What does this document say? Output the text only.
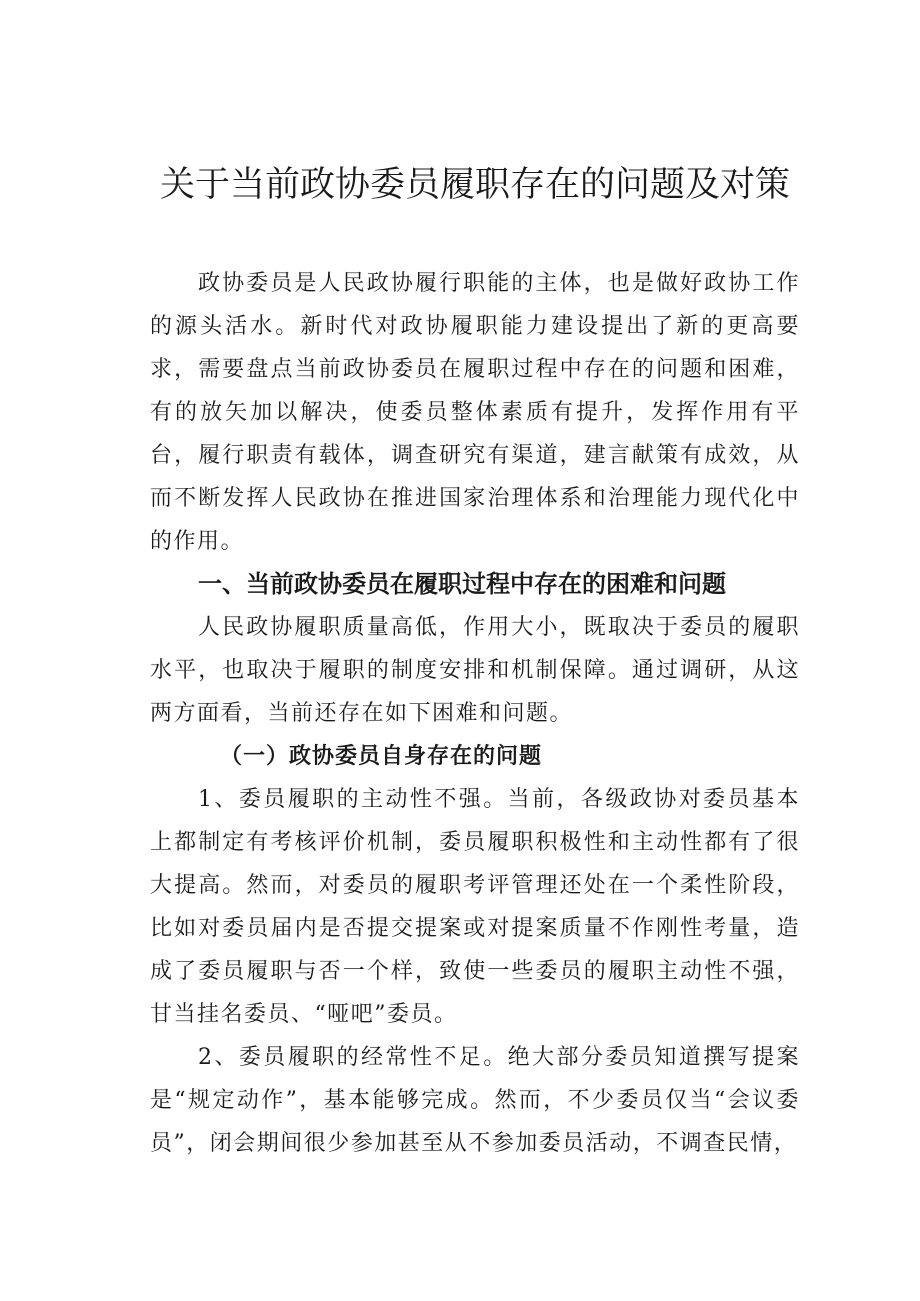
关于当前政协委员履职存在的问题及对策

政协委员是人民政协履行职能的主体，也是做好政协工作的源头活水。新时代对政协履职能力建设提出了新的更高要求，需要盘点当前政协委员在履职过程中存在的问题和困难，有的放矢加以解决，使委员整体素质有提升，发挥作用有平台，履行职责有载体，调查研究有渠道，建言献策有成效，从而不断发挥人民政协在推进国家治理体系和治理能力现代化中的作用。

一、当前政协委员在履职过程中存在的困难和问题

人民政协履职质量高低，作用大小，既取决于委员的履职水平，也取决于履职的制度安排和机制保障。通过调研，从这两方面看，当前还存在如下困难和问题。

（一）政协委员自身存在的问题

1、委员履职的主动性不强。当前，各级政协对委员基本上都制定有考核评价机制，委员履职积极性和主动性都有了很大提高。然而，对委员的履职考评管理还处在一个柔性阶段，比如对委员届内是否提交提案或对提案质量不作刚性考量，造成了委员履职与否一个样，致使一些委员的履职主动性不强，甘当挂名委员、“哑吧”委员。

2、委员履职的经常性不足。绝大部分委员知道撰写提案是“规定动作”，基本能够完成。然而，不少委员仅当“会议委员”，闭会期间很少参加甚至从不参加委员活动，不调查民情，
